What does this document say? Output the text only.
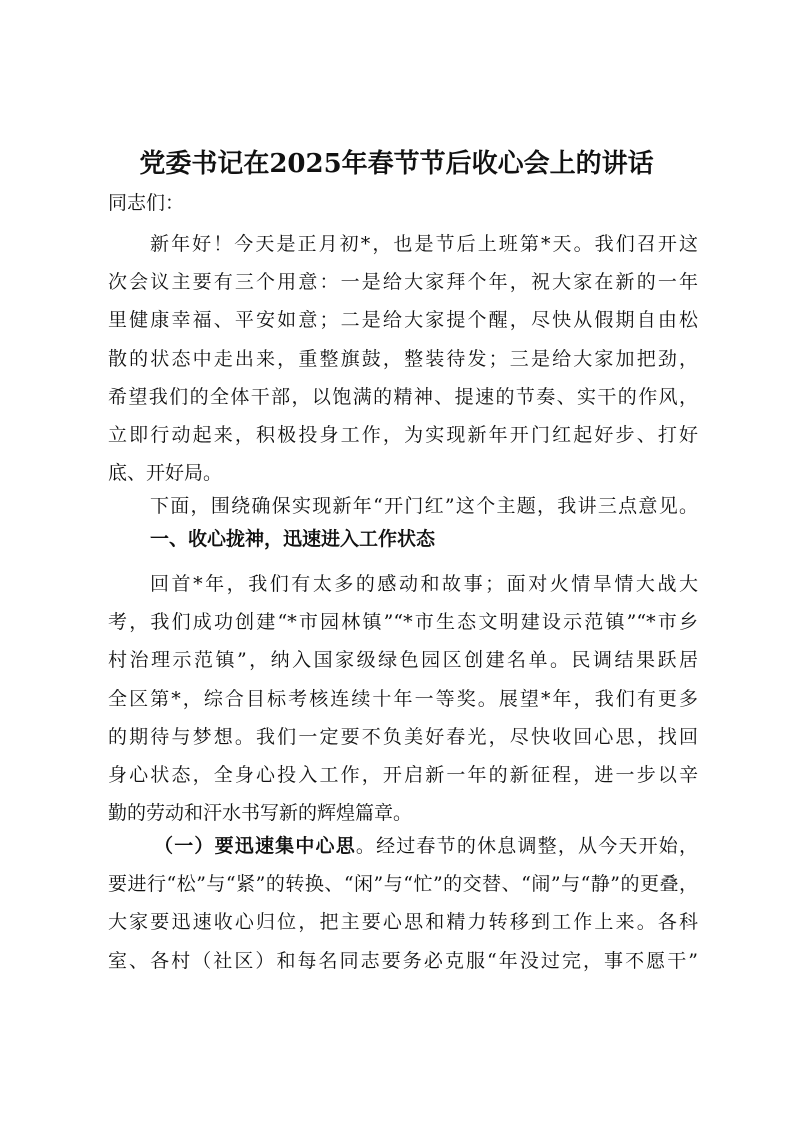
党委书记在2025年春节节后收心会上的讲话
同志们：
新年好！今天是正月初*，也是节后上班第*天。我们召开这
次会议主要有三个用意：一是给大家拜个年，祝大家在新的一年
里健康幸福、平安如意；二是给大家提个醒，尽快从假期自由松
散的状态中走出来，重整旗鼓，整装待发；三是给大家加把劲，
希望我们的全体干部，以饱满的精神、提速的节奏、实干的作风，
立即行动起来，积极投身工作，为实现新年开门红起好步、打好
底、开好局。
下面，围绕确保实现新年“开门红”这个主题，我讲三点意见。
一、收心拢神，迅速进入工作状态
回首*年，我们有太多的感动和故事；面对火情旱情大战大
考，我们成功创建“*市园林镇”“*市生态文明建设示范镇”“*市乡
村治理示范镇”，纳入国家级绿色园区创建名单。民调结果跃居
全区第*，综合目标考核连续十年一等奖。展望*年，我们有更多
的期待与梦想。我们一定要不负美好春光，尽快收回心思，找回
身心状态，全身心投入工作，开启新一年的新征程，进一步以辛
勤的劳动和汗水书写新的辉煌篇章。
（一）要迅速集中心思。经过春节的休息调整，从今天开始，
要进行“松”与“紧”的转换、“闲”与“忙”的交替、“闹”与“静”的更叠，
大家要迅速收心归位，把主要心思和精力转移到工作上来。各科
室、各村（社区）和每名同志要务必克服“年没过完，事不愿干”
